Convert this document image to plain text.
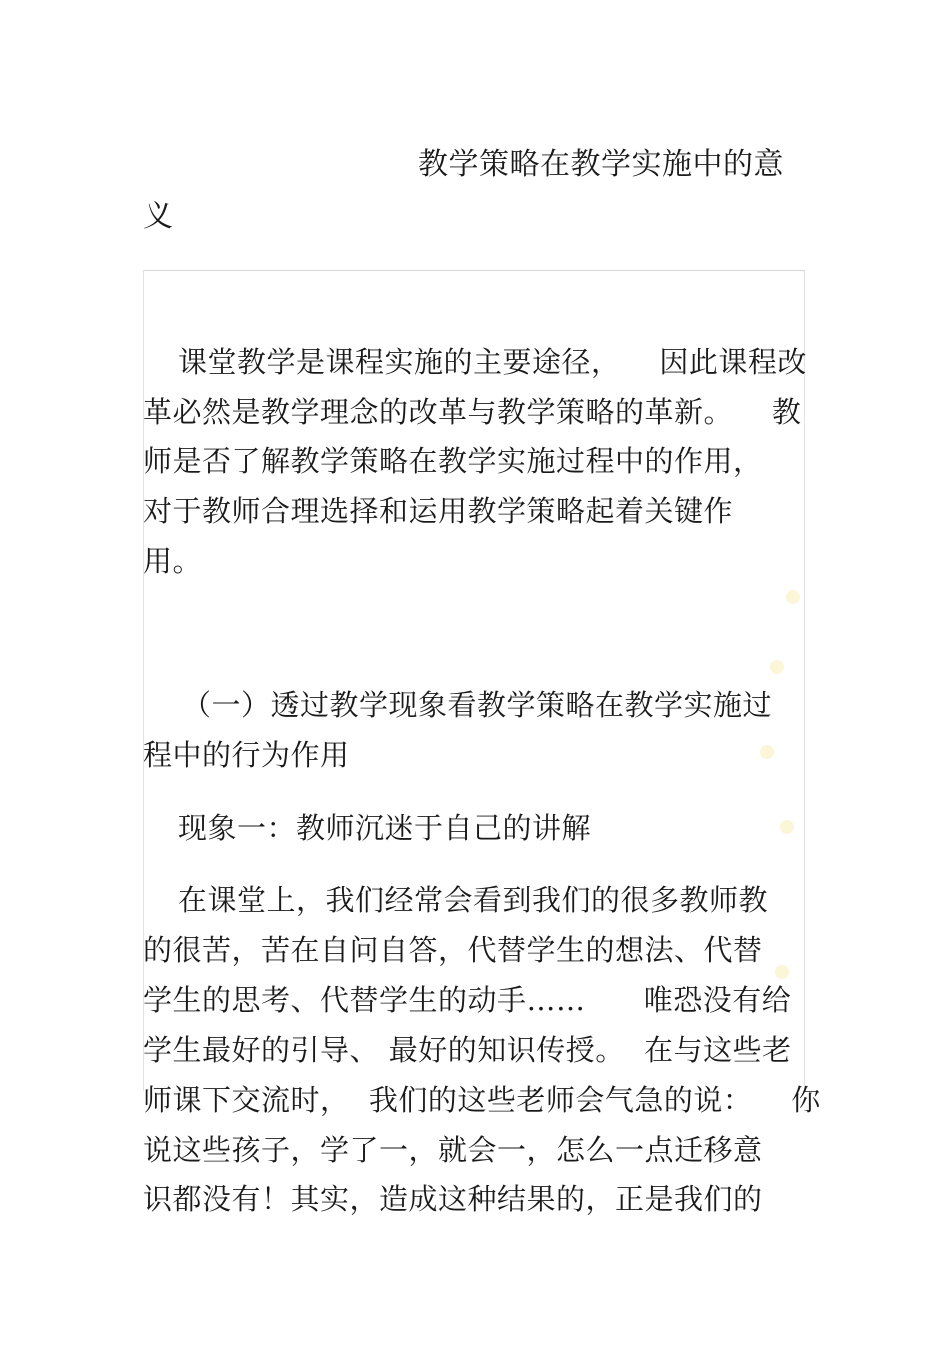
教学策略在教学实施中的意
义
课堂教学是课程实施的主要途径，    因此课程改
革必然是教学理念的改革与教学策略的革新。    教
师是否了解教学策略在教学实施过程中的作用，
对于教师合理选择和运用教学策略起着关键作
用。
（一）透过教学现象看教学策略在教学实施过
程中的行为作用
现象一：教师沉迷于自己的讲解
在课堂上，我们经常会看到我们的很多教师教
的很苦，苦在自问自答，代替学生的想法、代替
学生的思考、代替学生的动手……      唯恐没有给
学生最好的引导、 最好的知识传授。  在与这些老
师课下交流时，  我们的这些老师会气急的说：    你
说这些孩子，学了一，就会一，怎么一点迁移意
识都没有！其实，造成这种结果的，正是我们的
